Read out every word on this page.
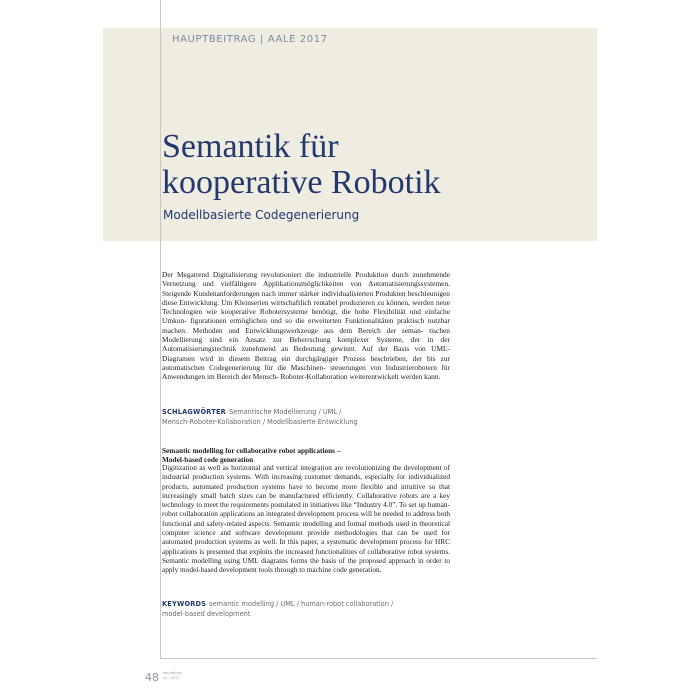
HAUPTBEITRAG | AALE 2017
Semantik für
kooperative Robotik
Modellbasierte Codegenerierung

Der Megatrend Digitalisierung revolutioniert die industrielle Produktion durch zunehmende Vernetzung und vielfältigere Applikationsmöglichkeiten von Automatisierungssystemen. Steigende Kundenanforderungen nach immer stärker individualisierten Produkten beschleunigen diese Entwicklung. Um Kleinserien wirtschaftlich rentabel produzieren zu können, werden neue Technologien wie kooperative Robotersysteme benötigt, die hohe Flexibilität und einfache Umkon- figurationen ermöglichen und so die erweiterten Funktionalitäten praktisch nutzbar machen. Methoden und Entwicklungswerkzeuge aus dem Bereich der seman- tischen Modellierung sind ein Ansatz zur Beherrschung komplexer Systeme, der in der Automatisierungstechnik zunehmend an Bedeutung gewinnt. Auf der Basis von UML-Diagramen wird in diesem Beitrag ein durchgängiger Prozess beschrieben, der bis zur automatischen Codegenerierung für die Maschinen- steuerungen von Industrierobotern für Anwendungen im Bereich der Mensch- Roboter-Kollaboration weiterentwickelt werden kann.

SCHLAGWÖRTER Semantische Modellierung / UML /
Mensch-Roboter-Kollaboration / Modellbasierte Entwicklung
Semantic modelling for collaborative robot applications –
Model-based code generation

Digitization as well as horizontal and vertical integration are revolutionizing the development of industrial production systems. With increasing customer demands, especially for individualized products, automated production systems have to become more flexible and intuitive so that increasingly small batch sizes can be manufactured efficiently. Collaborative robots are a key technology to meet the requirements postulated in initiatives like “Industry 4.0”. To set up human-robot collaboration applications an integrated development process will be needed to address both functional and safety-related aspects. Semantic modelling and formal methods used in theoretical computer science and software development provide methodologies that can be used for automated production systems as well. In this paper, a systematic development process for HRC applications is presented that exploits the increased functionalities of collaborative robot systems. Semantic modelling using UML diagrams forms the basis of the proposed approach in order to apply model-based development tools through to machine code generation.

KEYWORDS semantic modelling / UML / human-robot collaboration /
model-based development
48 atp edition
11 / 2017
